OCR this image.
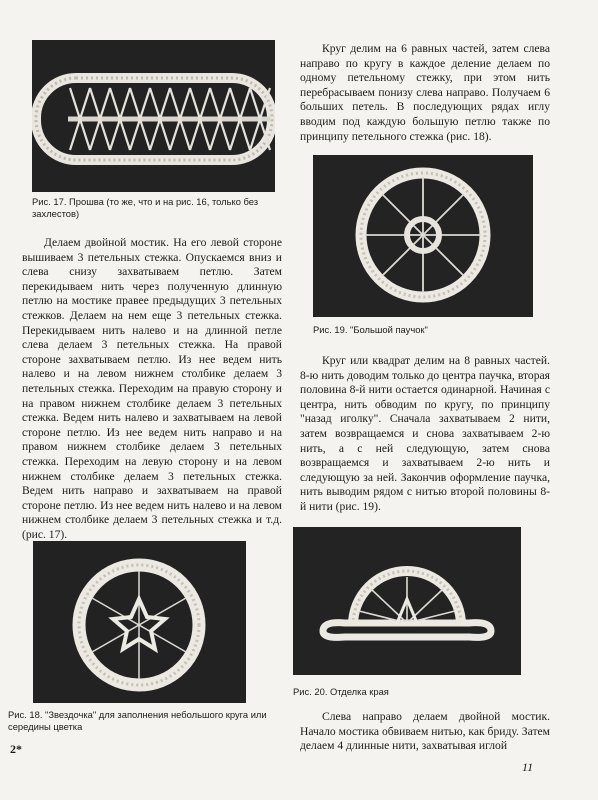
Рис. 17. Прошва (то же, что и на рис. 16, только без захлестов)

Делаем двойной мостик. На его левой стороне вышиваем 3 петельных стежка. Опускаемся вниз и слева снизу захватываем петлю. Затем перекидываем нить через полученную длинную петлю на мостике правее предыдущих 3 петельных стежков. Делаем на нем еще 3 петельных стежка. Перекидываем нить налево и на длинной петле слева делаем 3 петельных стежка. На правой стороне захватываем петлю. Из нее ведем нить налево и на левом нижнем столбике делаем 3 петельных стежка. Переходим на правую сторону и на правом нижнем столбике делаем 3 петельных стежка. Ведем нить налево и захватываем на левой стороне петлю. Из нее ведем нить направо и на правом нижнем столбике делаем 3 петельных стежка. Переходим на левую сторону и на левом нижнем столбике делаем 3 петельных стежка. Ведем нить направо и захватываем на правой стороне петлю. Из нее ведем нить налево и на левом нижнем столбике делаем 3 петельных стежка и т.д. (рис. 17).

Круг делим на 6 равных частей, затем слева направо по кругу в каждое деление делаем по одному петельному стежку, при этом нить перебрасываем понизу слева направо. Получаем 6 больших петель. В последующих рядах иглу вводим под каждую большую петлю также по принципу петельного стежка (рис. 18).

Рис. 19. "Большой паучок"

Круг или квадрат делим на 8 равных частей. 8-ю нить доводим только до центра паучка, вторая половина 8-й нити остается одинарной. Начиная с центра, нить обводим по кругу, по принципу "назад иголку". Сначала захватываем 2 нити, затем возвращаемся и снова захватываем 2-ю нить, а с ней следующую, затем снова возвращаемся и захватываем 2-ю нить и следующую за ней. Закончив оформление паучка, нить выводим рядом с нитью второй половины 8-й нити (рис. 19).

Рис. 18. "Звездочка" для заполнения небольшого круга или середины цветка
Рис. 20. Отделка края

Слева направо делаем двойной мостик. Начало мостика обвиваем нитью, как бриду. Затем делаем 4 длинные нити, захватывая иглой

2*
11
